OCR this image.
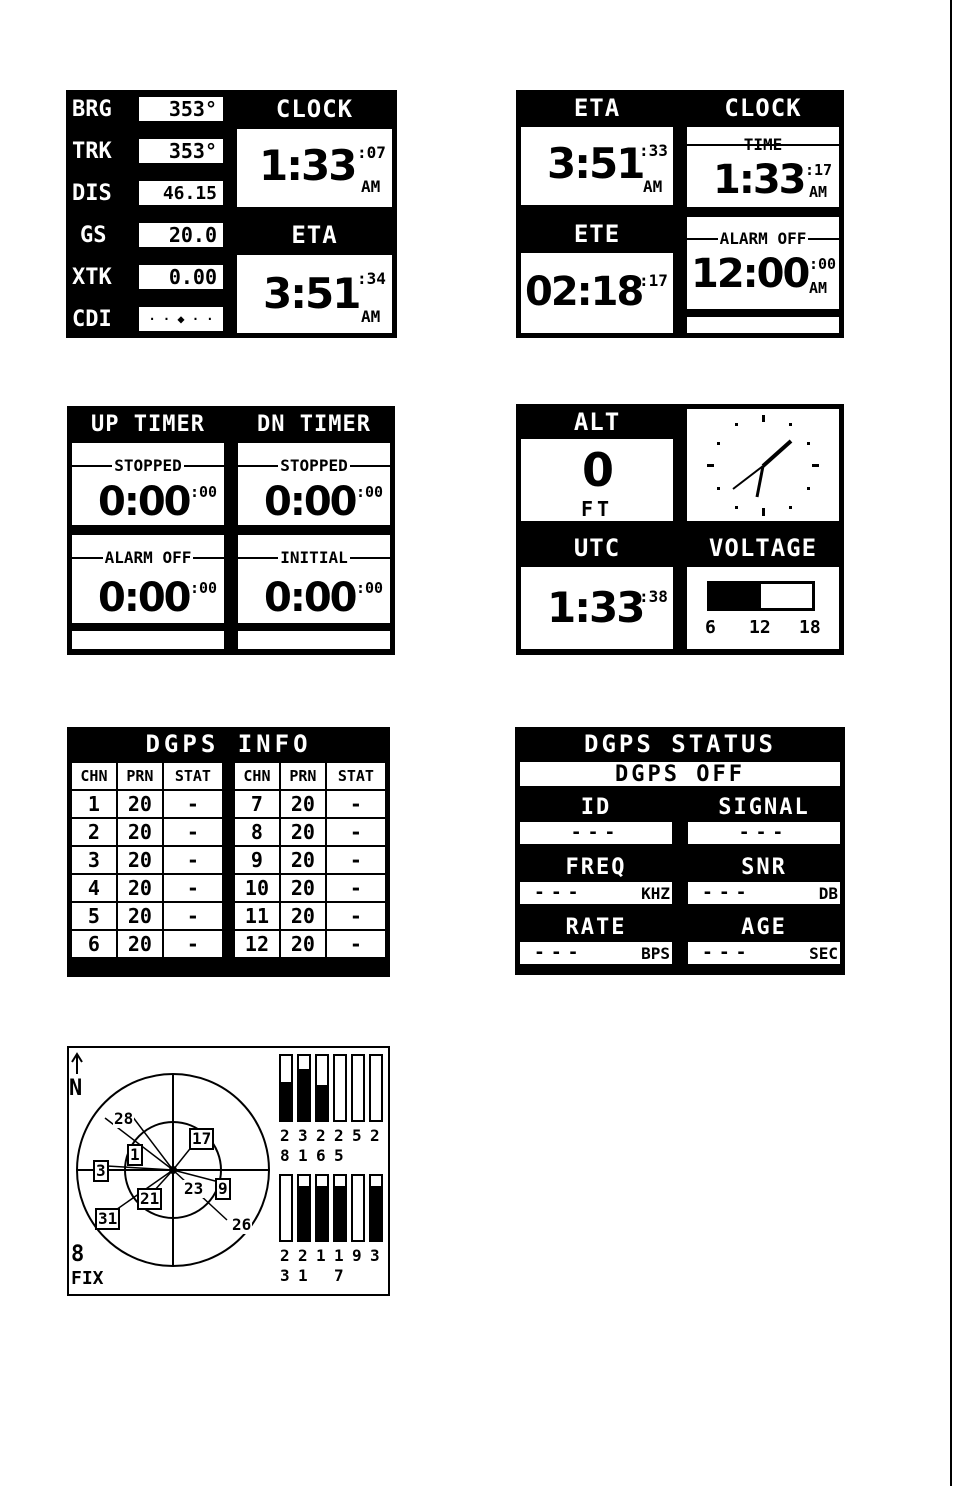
BRG	353°
TRK	353°
DIS	46.15
GS	20.0
XTK	0.00
CDI	· · ◆ · ·
CLOCK
1:33 :07
AM
ETA
3:51
:34
AM
ETA
3:51
:33
AM
ETE
02:18
:17
CLOCK
TIME
1:33 :17
AM
ALARM OFF
12:00 :00
AM
UP TIMER	DN TIMER
STOPPED
0:00 :00
ALARM OFF
0:00 :00
STOPPED
0:00 :00
INITIAL
0:00 :00
ALT
0
FT
UTC
1:33
:38
VOLTAGE
6 12 18
DGPS INFO
CHN	PRN	STAT
1	20	-
2	20	-
3	20	-
4	20	-
5	20	-
6	20	-
CHN	PRN	STAT
7	20	-
8	20	-
9	20	-
10	20	-
11	20	-
12	20	-
DGPS STATUS
DGPS OFF
ID
---
SIGNAL
---
FREQ
---	KHZ
SNR
---	DB
RATE
---	BPS
AGE
---	SEC
N
8
FIX
28
1
17
3
21
23 9
31	26
2
8
3
1
2
6
2
5
5 2
2
3
2
1
1 1
7
9 3
